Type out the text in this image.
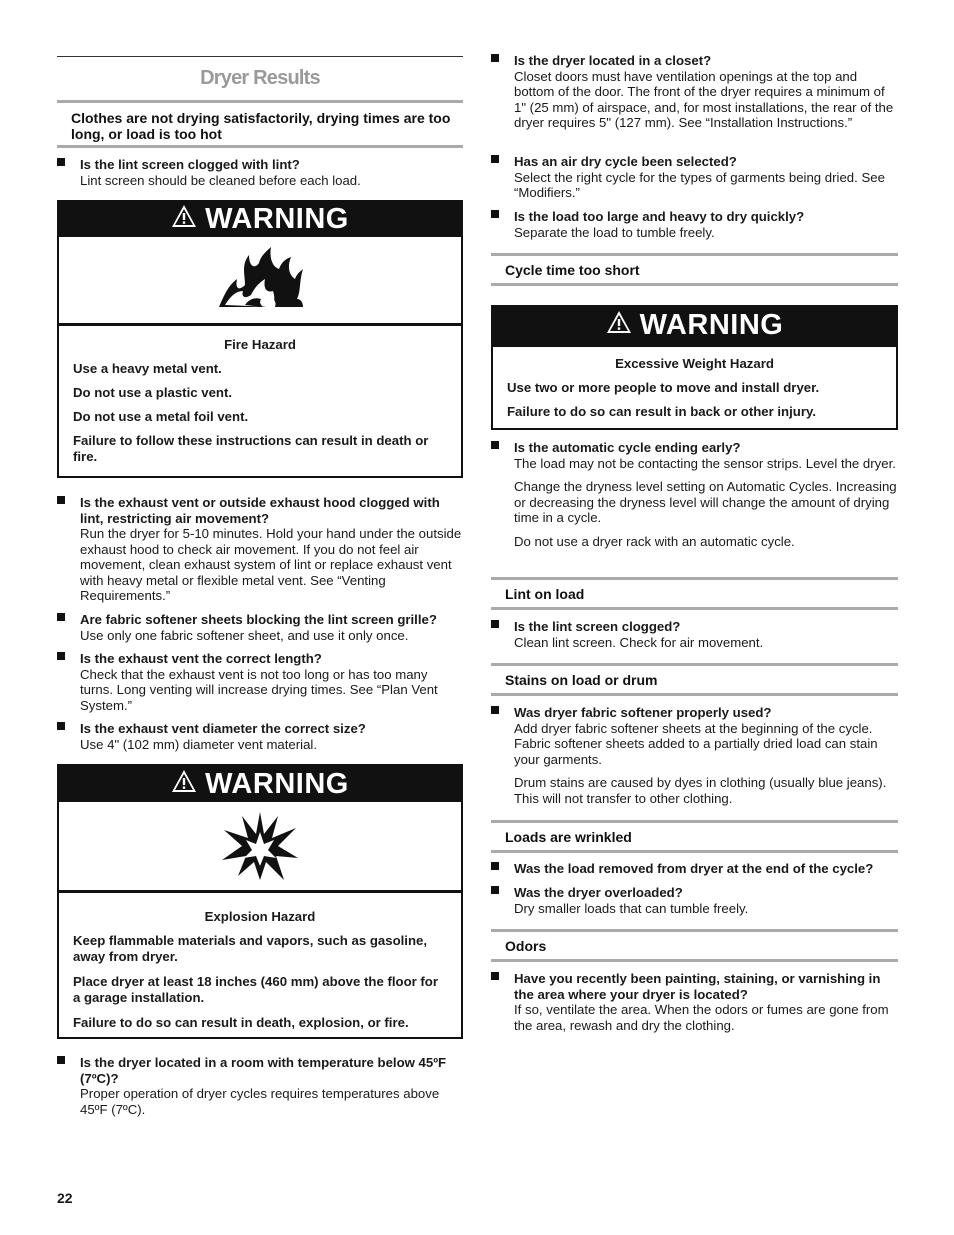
Dryer Results
Clothes are not drying satisfactorily, drying times are too long, or load is too hot
Is the lint screen clogged with lint?
Lint screen should be cleaned before each load.
WARNING
Fire Hazard

Use a heavy metal vent.

Do not use a plastic vent.

Do not use a metal foil vent.

Failure to follow these instructions can result in death or fire.

Is the exhaust vent or outside exhaust hood clogged with lint, restricting air movement?
Run the dryer for 5-10 minutes. Hold your hand under the outside exhaust hood to check air movement. If you do not feel air movement, clean exhaust system of lint or replace exhaust vent with heavy metal or flexible metal vent. See “Venting Requirements.”
Are fabric softener sheets blocking the lint screen grille?
Use only one fabric softener sheet, and use it only once.
Is the exhaust vent the correct length?
Check that the exhaust vent is not too long or has too many turns. Long venting will increase drying times. See “Plan Vent System.”
Is the exhaust vent diameter the correct size?
Use 4" (102 mm) diameter vent material.
WARNING
Explosion Hazard

Keep flammable materials and vapors, such as gasoline, away from dryer.

Place dryer at least 18 inches (460 mm) above the floor for a garage installation.

Failure to do so can result in death, explosion, or fire.

Is the dryer located in a room with temperature below 45ºF (7ºC)?
Proper operation of dryer cycles requires temperatures above 45ºF (7ºC).
Is the dryer located in a closet?
Closet doors must have ventilation openings at the top and bottom of the door. The front of the dryer requires a minimum of 1" (25 mm) of airspace, and, for most installations, the rear of the dryer requires 5" (127 mm). See “Installation Instructions.”
Has an air dry cycle been selected?
Select the right cycle for the types of garments being dried. See “Modifiers.”
Is the load too large and heavy to dry quickly?
Separate the load to tumble freely.
Cycle time too short
WARNING
Excessive Weight Hazard

Use two or more people to move and install dryer.

Failure to do so can result in back or other injury.

Is the automatic cycle ending early?
The load may not be contacting the sensor strips. Level the dryer.
Change the dryness level setting on Automatic Cycles. Increasing or decreasing the dryness level will change the amount of drying time in a cycle.
Do not use a dryer rack with an automatic cycle.
Lint on load
Is the lint screen clogged?
Clean lint screen. Check for air movement.
Stains on load or drum
Was dryer fabric softener properly used?
Add dryer fabric softener sheets at the beginning of the cycle. Fabric softener sheets added to a partially dried load can stain your garments.
Drum stains are caused by dyes in clothing (usually blue jeans). This will not transfer to other clothing.
Loads are wrinkled
Was the load removed from dryer at the end of the cycle?
Was the dryer overloaded?
Dry smaller loads that can tumble freely.
Odors
Have you recently been painting, staining, or varnishing in the area where your dryer is located?
If so, ventilate the area. When the odors or fumes are gone from the area, rewash and dry the clothing.
22
